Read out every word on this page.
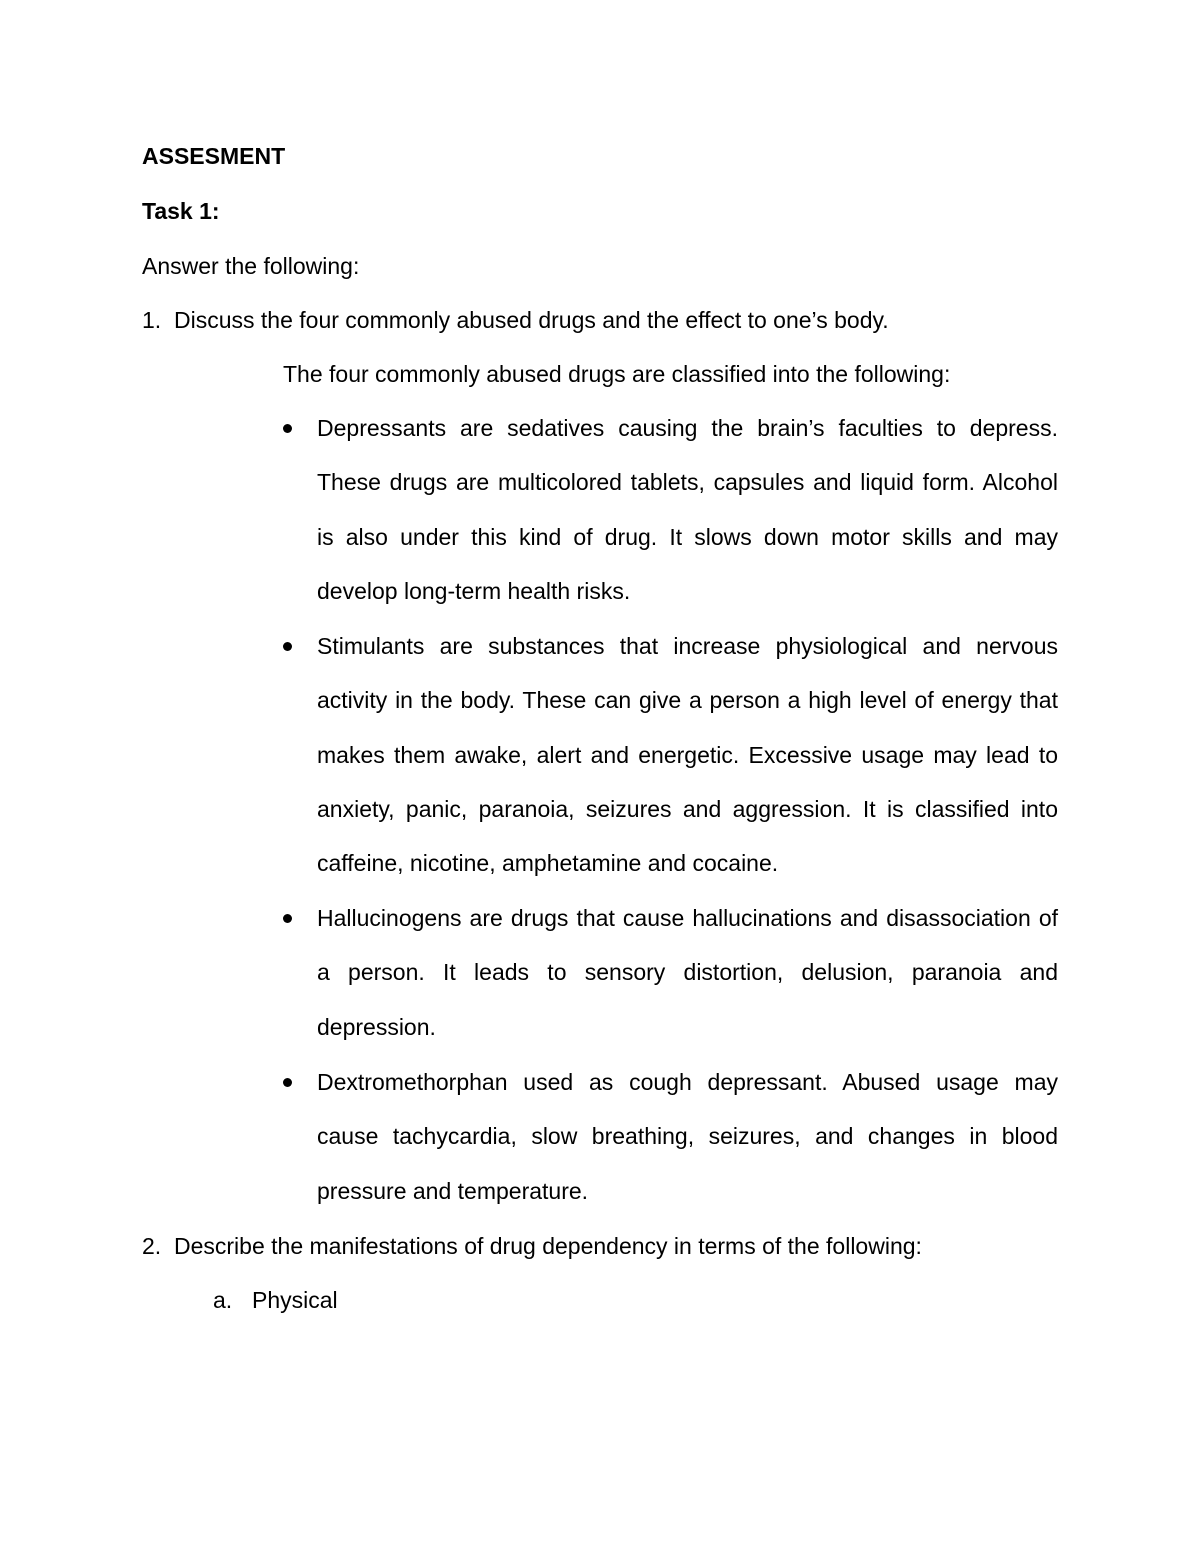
ASSESMENT
Task 1:
Answer the following:
1. Discuss the four commonly abused drugs and the effect to one’s body.
The four commonly abused drugs are classified into the following:
Depressants are sedatives causing the brain’s faculties to depress. These drugs are multicolored tablets, capsules and liquid form. Alcohol is also under this kind of drug. It slows down motor skills and may develop long-term health risks.
Stimulants are substances that increase physiological and nervous activity in the body. These can give a person a high level of energy that makes them awake, alert and energetic. Excessive usage may lead to anxiety, panic, paranoia, seizures and aggression. It is classified into caffeine, nicotine, amphetamine and cocaine.
Hallucinogens are drugs that cause hallucinations and disassociation of a person. It leads to sensory distortion, delusion, paranoia and depression.
Dextromethorphan used as cough depressant. Abused usage may cause tachycardia, slow breathing, seizures, and changes in blood pressure and temperature.
2. Describe the manifestations of drug dependency in terms of the following:
a. Physical
